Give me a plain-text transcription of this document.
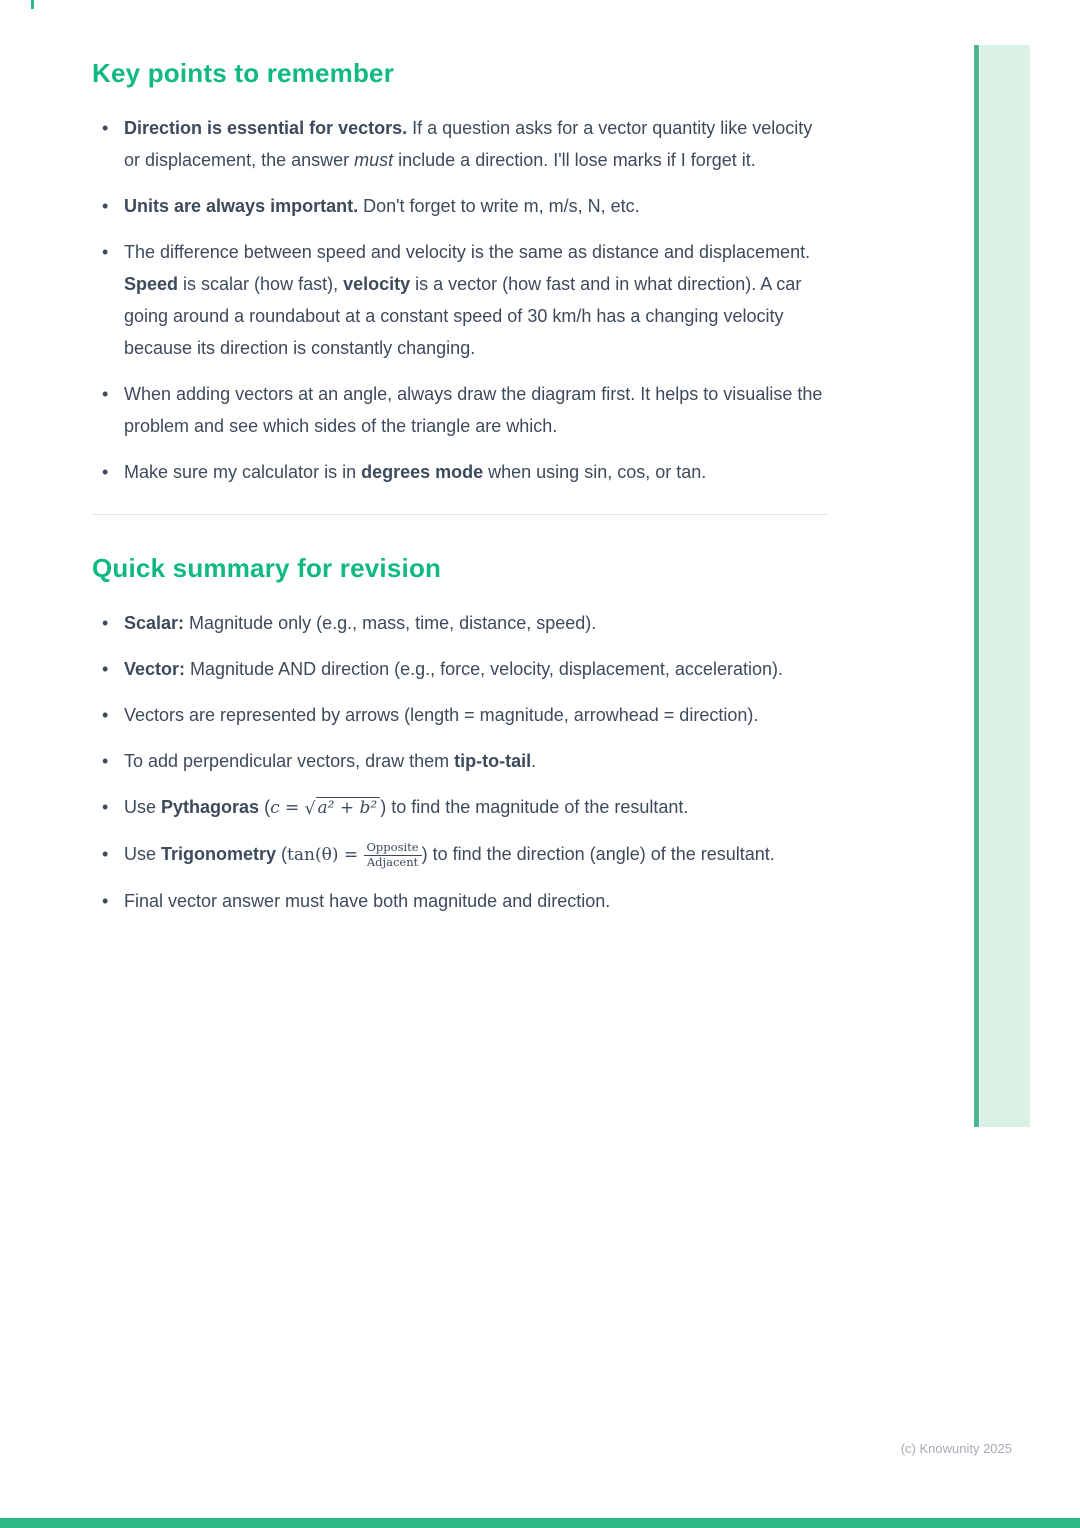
Key points to remember
• Direction is essential for vectors. If a question asks for a vector quantity like velocity or displacement, the answer must include a direction. I'll lose marks if I forget it.
• Units are always important. Don't forget to write m, m/s, N, etc.
• The difference between speed and velocity is the same as distance and displacement. Speed is scalar (how fast), velocity is a vector (how fast and in what direction). A car going around a roundabout at a constant speed of 30 km/h has a changing velocity because its direction is constantly changing.
• When adding vectors at an angle, always draw the diagram first. It helps to visualise the problem and see which sides of the triangle are which.
• Make sure my calculator is in degrees mode when using sin, cos, or tan.
Quick summary for revision
• Scalar: Magnitude only (e.g., mass, time, distance, speed).
• Vector: Magnitude AND direction (e.g., force, velocity, displacement, acceleration).
• Vectors are represented by arrows (length = magnitude, arrowhead = direction).
• To add perpendicular vectors, draw them tip-to-tail.
• Use Pythagoras (c = √ a² + b² ) to find the magnitude of the resultant.
• Use Trigonometry ($\tan(\theta) = \frac{\text{Opposite}}{\text{Adjacent}}$ ) to find the direction (angle) of the resultant.
• Final vector answer must have both magnitude and direction.
(c) Knowunity 2025
